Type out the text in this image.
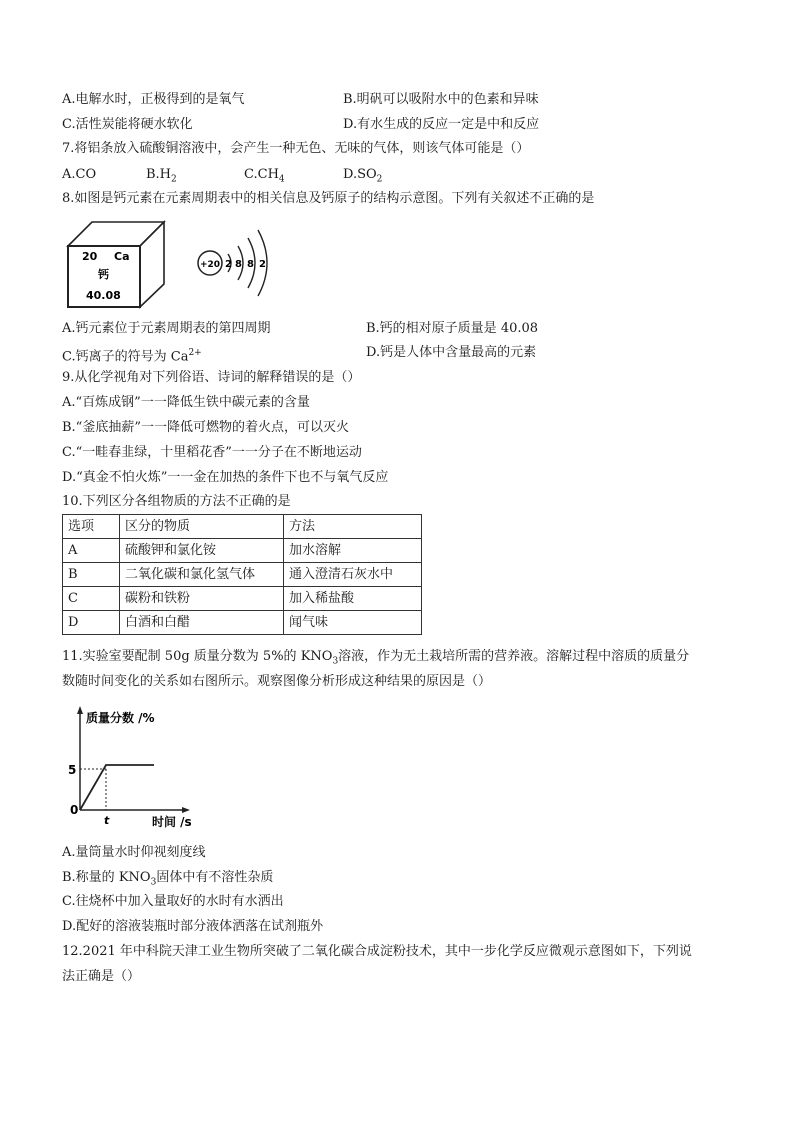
A.电解水时，正极得到的是氧气	B.明矾可以吸附水中的色素和异味
C.活性炭能将硬水软化	D.有水生成的反应一定是中和反应
7.将铝条放入硫酸铜溶液中，会产生一种无色、无味的气体，则该气体可能是（）
A.CO	$B.H_2$	$C.CH_4$	$D.SO_2$
8.如图是钙元素在元素周期表中的相关信息及钙原子的结构示意图。下列有关叙述不正确的是
20 Ca
钙
40.08
+20 2 8 8 2
A.钙元素位于元素周期表的第四周期	B.钙的相对原子质量是 40.08
C.钙离子的符号为 $Ca^{2+}$	D.钙是人体中含量最高的元素
9.从化学视角对下列俗语、诗词的解释错误的是（）
A.“百炼成钢”一一降低生铁中碳元素的含量
B.“釜底抽薪”一一降低可燃物的着火点，可以灭火
C.“一畦春韭绿，十里稻花香”一一分子在不断地运动
D.“真金不怕火炼”一一金在加热的条件下也不与氧气反应
10.下列区分各组物质的方法不正确的是
选项	区分的物质	方法
A	硫酸钾和氯化铵	加水溶解
B	二氧化碳和氯化氢气体	通入澄清石灰水中
C	碳粉和铁粉	加入稀盐酸
D	白酒和白醋	闻气味
11.实验室要配制 50g 质量分数为 5%的 $KNO_3$溶液，作为无土栽培所需的营养液。溶解过程中溶质的质量分
数随时间变化的关系如右图所示。观察图像分析形成这种结果的原因是（）
质量分数 /%
时间 /s
5
0
t
A.量筒量水时仰视刻度线
B.称量的 $KNO_3$固体中有不溶性杂质
C.往烧杯中加入量取好的水时有水洒出
D.配好的溶液装瓶时部分液体洒落在试剂瓶外
12.2021 年中科院天津工业生物所突破了二氧化碳合成淀粉技术，其中一步化学反应微观示意图如下，下列说
法正确是（）
